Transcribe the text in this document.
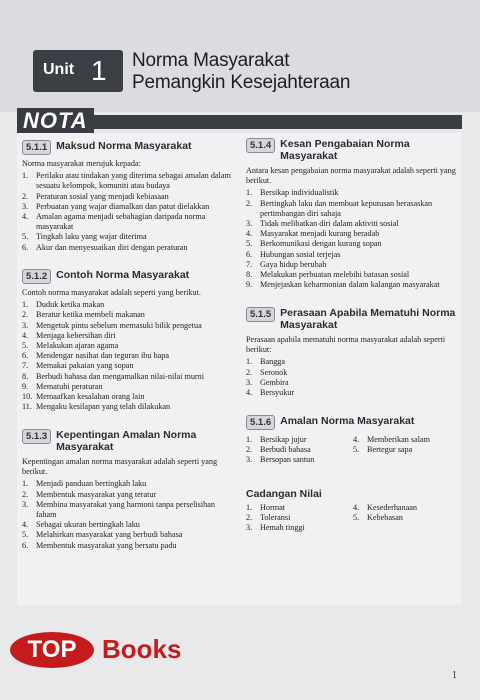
Unit 1 Norma Masyarakat
Pemangkin Kesejahteraan
NOTA
5.1.1 Maksud Norma Masyarakat
Norma masyarakat merujuk kepada:
1. Perilaku atau tindakan yang diterima sebagai amalan dalam sesuatu kelompok, komuniti atau budaya
2. Peraturan sosial yang menjadi kebiasaan
3. Perbuatan yang wajar diamalkan dan patut dielakkan
4. Amalan agama menjadi sebahagian daripada norma masyarakat
5. Tingkah laku yang wajar diterima
6. Akur dan menyesuaikan diri dengan peraturan
5.1.2 Contoh Norma Masyarakat
Contoh norma masyarakat adalah seperti yang berikut.
1. Duduk ketika makan
2. Beratur ketika membeli makanan
3. Mengetuk pintu sebelum memasuki bilik pengetua
4. Menjaga kebersihan diri
5. Melakukan ajaran agama
6. Mendengar nasihat dan teguran ibu bapa
7. Memakai pakaian yang sopan
8. Berbudi bahasa dan mengamalkan nilai-nilai murni
9. Mematuhi peraturan
10. Memaafkan kesalahan orang lain
11. Mengaku kesilapan yang telah dilakukan
5.1.3 Kepentingan Amalan Norma Masyarakat
Kepentingan amalan norma masyarakat adalah seperti yang berikut.
1. Menjadi panduan bertingkah laku
2. Membentuk masyarakat yang teratur
3. Membina masyarakat yang harmoni tanpa perselisihan faham
4. Sebagai ukuran bertingkah laku
5. Melahirkan masyarakat yang berbudi bahasa
6. Membentuk masyarakat yang bersatu padu
5.1.4 Kesan Pengabaian Norma Masyarakat
Antara kesan pengabaian norma masyarakat adalah seperti yang berikut.
1. Bersikap individualistik
2. Bertingkah laku dan membuat keputusan berasaskan pertimbangan diri sahaja
3. Tidak melibatkan diri dalam aktiviti sosial
4. Masyarakat menjadi kurang beradab
5. Berkomunikasi dengan kurang sopan
6. Hubungan sosial terjejas
7. Gaya hidup berubah
8. Melakukan perbuatan melebihi batasan sosial
9. Menjejaskan keharmonian dalam kalangan masyarakat
5.1.5 Perasaan Apabila Mematuhi Norma Masyarakat
Perasaan apabila mematuhi norma masyarakat adalah seperti berikut:
1. Bangga
2. Seronok
3. Gembira
4. Bersyukur
5.1.6 Amalan Norma Masyarakat
1. Bersikap jujur
2. Berbudi bahasa
3. Bersopan santun
4. Memberikan salam
5. Bertegur sapa
Cadangan Nilai
1. Hormat
2. Toleransi
3. Hemah tinggi
4. Kesederhanaan
5. Kebebasan
TOP Books
1
